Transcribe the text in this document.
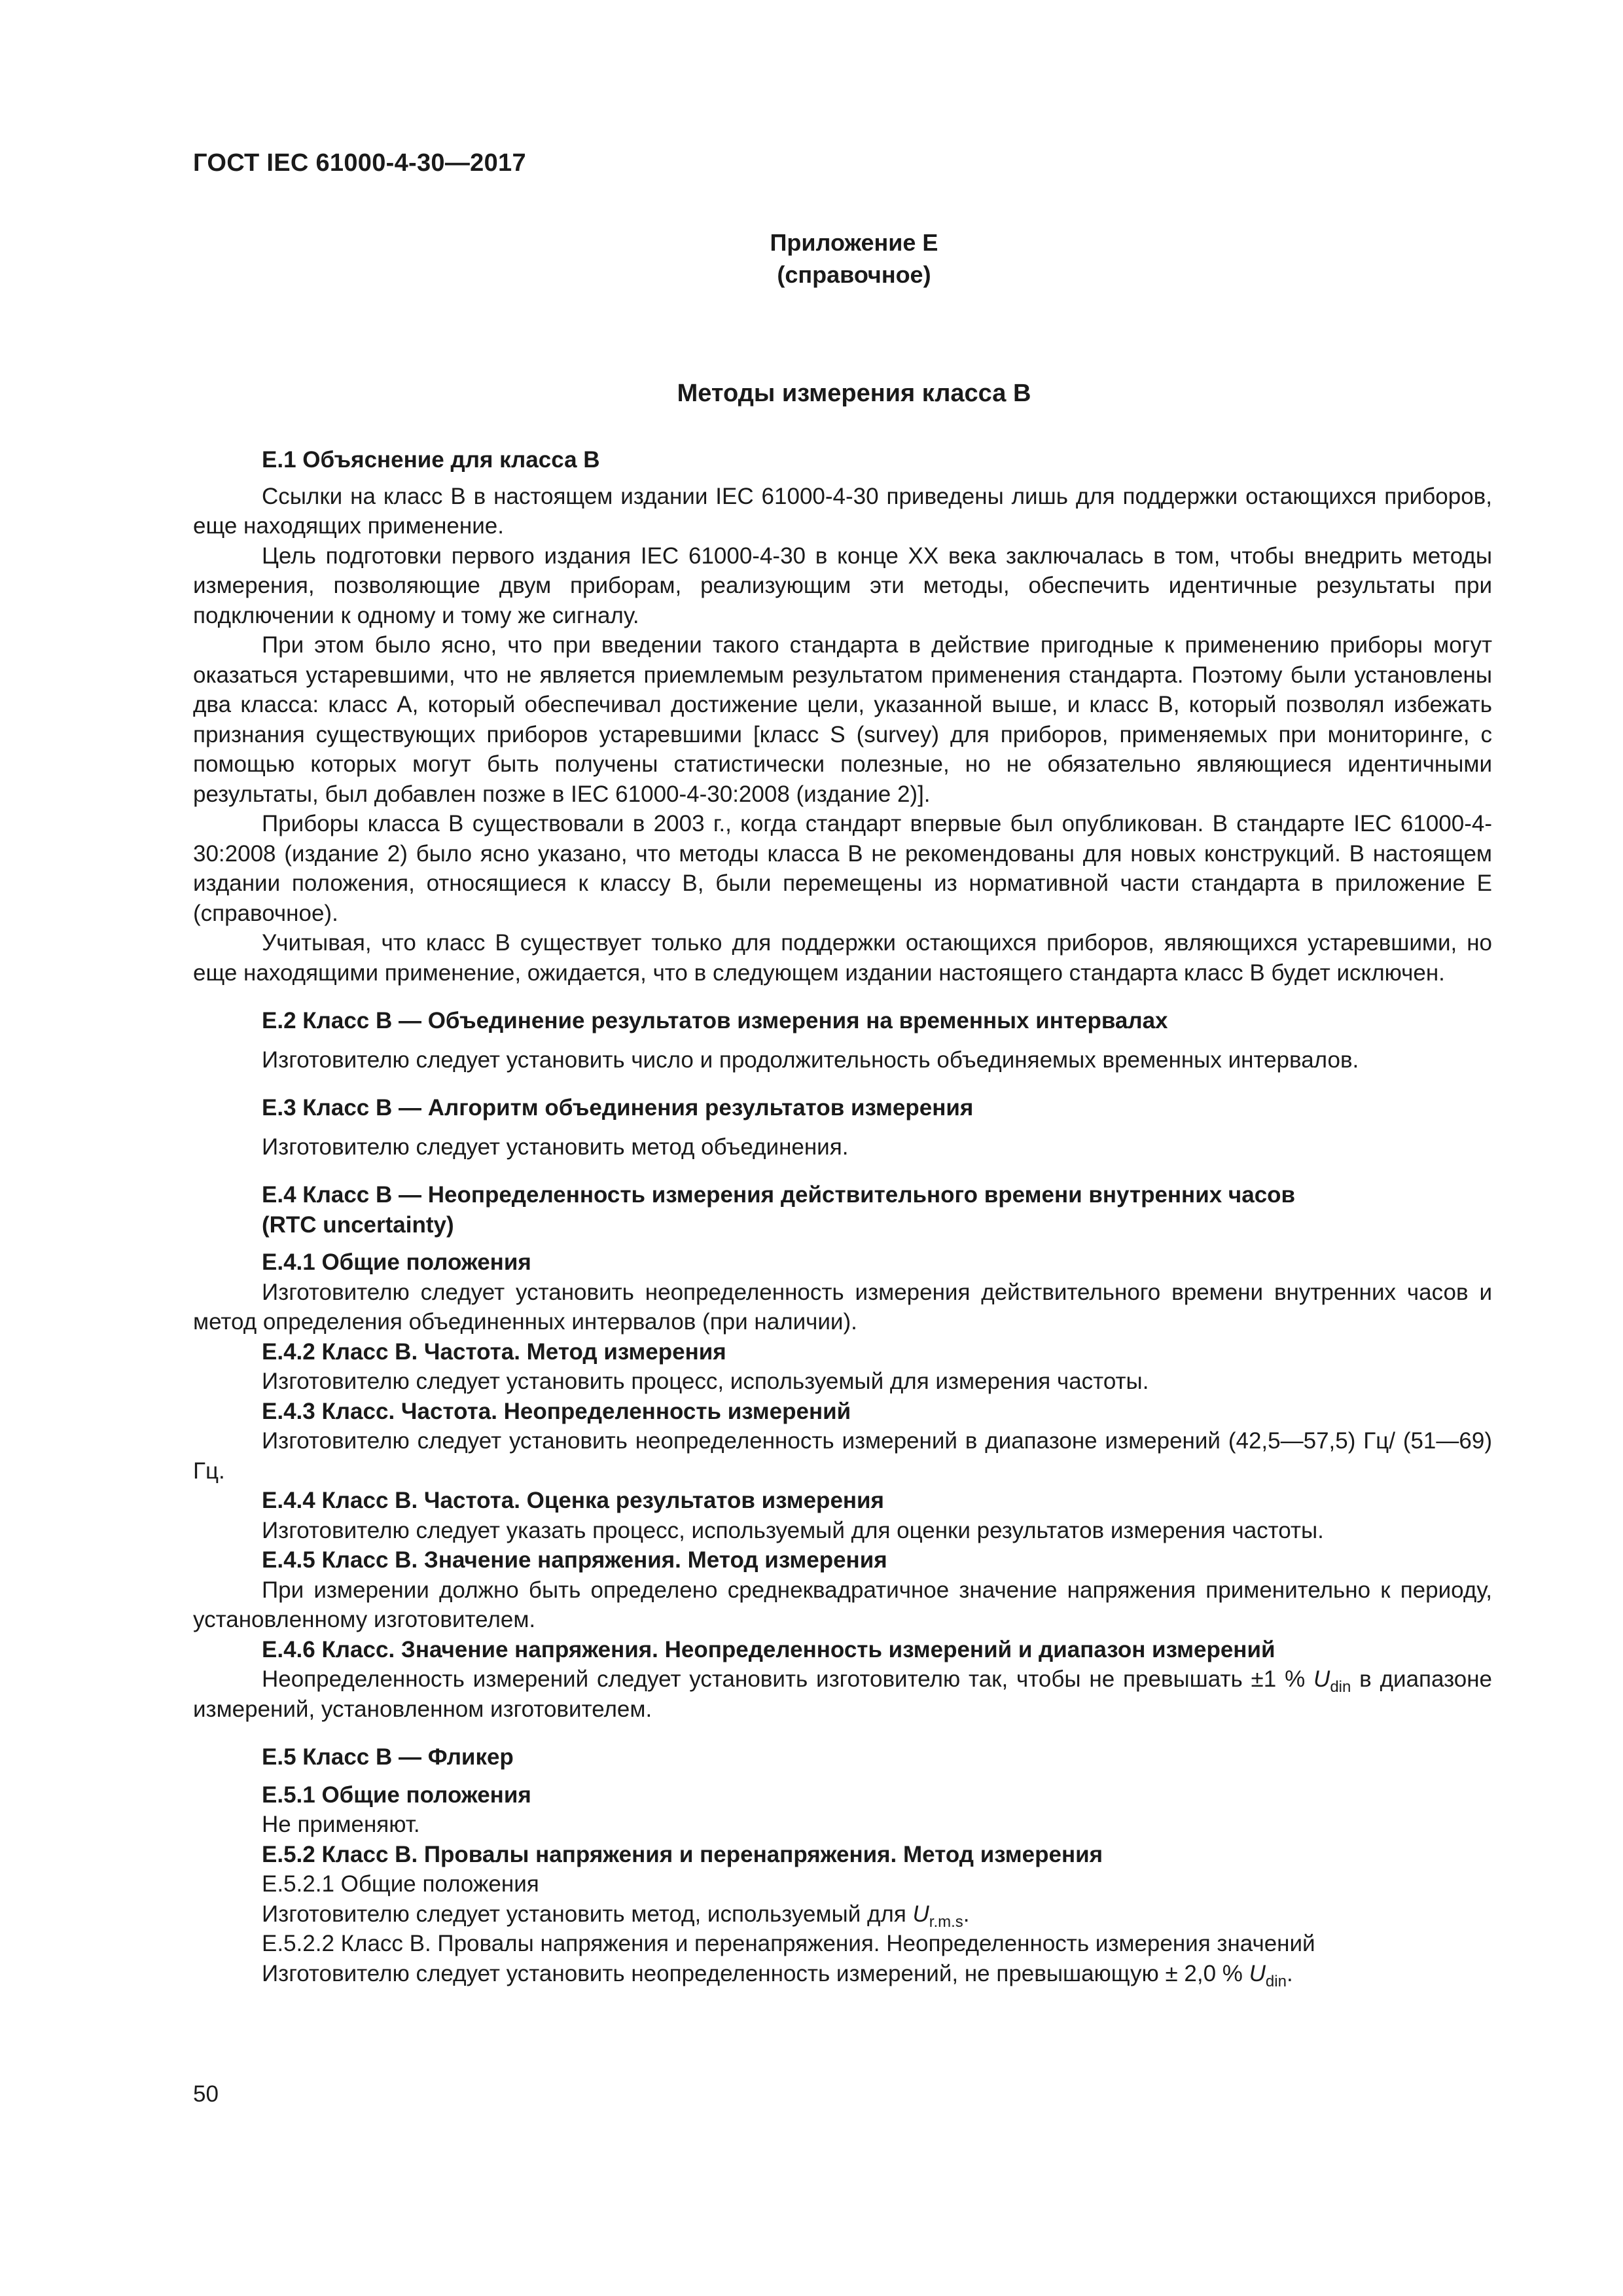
ГОСТ IEC 61000-4-30—2017
Приложение Е
(справочное)
Методы измерения класса В
Е.1 Объяснение для класса В

Ссылки на класс В в настоящем издании IEC 61000-4-30 приведены лишь для поддержки остающихся приборов, еще находящих применение.

Цель подготовки первого издания IEC 61000-4-30 в конце XX века заключалась в том, чтобы внедрить методы измерения, позволяющие двум приборам, реализующим эти методы, обеспечить идентичные результаты при подключении к одному и тому же сигналу.

При этом было ясно, что при введении такого стандарта в действие пригодные к применению приборы могут оказаться устаревшими, что не является приемлемым результатом применения стандарта. Поэтому были установлены два класса: класс А, который обеспечивал достижение цели, указанной выше, и класс В, который позволял избежать признания существующих приборов устаревшими [класс S (survey) для приборов, применяемых при мониторинге, с помощью которых могут быть получены статистически полезные, но не обязательно являющиеся идентичными результаты, был добавлен позже в IEC 61000-4-30:2008 (издание 2)].

Приборы класса В существовали в 2003 г., когда стандарт впервые был опубликован. В стандарте IEC 61000-4-30:2008 (издание 2) было ясно указано, что методы класса В не рекомендованы для новых конструкций. В настоящем издании положения, относящиеся к классу В, были перемещены из нормативной части стандарта в приложение Е (справочное).

Учитывая, что класс В существует только для поддержки остающихся приборов, являющихся устаревшими, но еще находящими применение, ожидается, что в следующем издании настоящего стандарта класс В будет исключен.

Е.2 Класс В — Объединение результатов измерения на временных интервалах

Изготовителю следует установить число и продолжительность объединяемых временных интервалов.

Е.3 Класс В — Алгоритм объединения результатов измерения

Изготовителю следует установить метод объединения.

Е.4 Класс В — Неопределенность измерения действительного времени внутренних часов
(RTC uncertainty)
Е.4.1 Общие положения

Изготовителю следует установить неопределенность измерения действительного времени внутренних часов и метод определения объединенных интервалов (при наличии).

Е.4.2 Класс В. Частота. Метод измерения

Изготовителю следует установить процесс, используемый для измерения частоты.

Е.4.3 Класс. Частота. Неопределенность измерений

Изготовителю следует установить неопределенность измерений в диапазоне измерений (42,5—57,5) Гц/ (51—69) Гц.

Е.4.4 Класс В. Частота. Оценка результатов измерения

Изготовителю следует указать процесс, используемый для оценки результатов измерения частоты.

Е.4.5 Класс В. Значение напряжения. Метод измерения

При измерении должно быть определено среднеквадратичное значение напряжения применительно к периоду, установленному изготовителем.

Е.4.6 Класс. Значение напряжения. Неопределенность измерений и диапазон измерений

Неопределенность измерений следует установить изготовителю так, чтобы не превышать ±1 % $U_{din}$ в диапазоне измерений, установленном изготовителем.

Е.5 Класс В — Фликер
Е.5.1 Общие положения
Не применяют.
Е.5.2 Класс В. Провалы напряжения и перенапряжения. Метод измерения
Е.5.2.1 Общие положения
Изготовителю следует установить метод, используемый для $U_{r.m.s}$.
Е.5.2.2 Класс В. Провалы напряжения и перенапряжения. Неопределенность измерения значений
Изготовителю следует установить неопределенность измерений, не превышающую ± 2,0 % $U_{din}$.
50
